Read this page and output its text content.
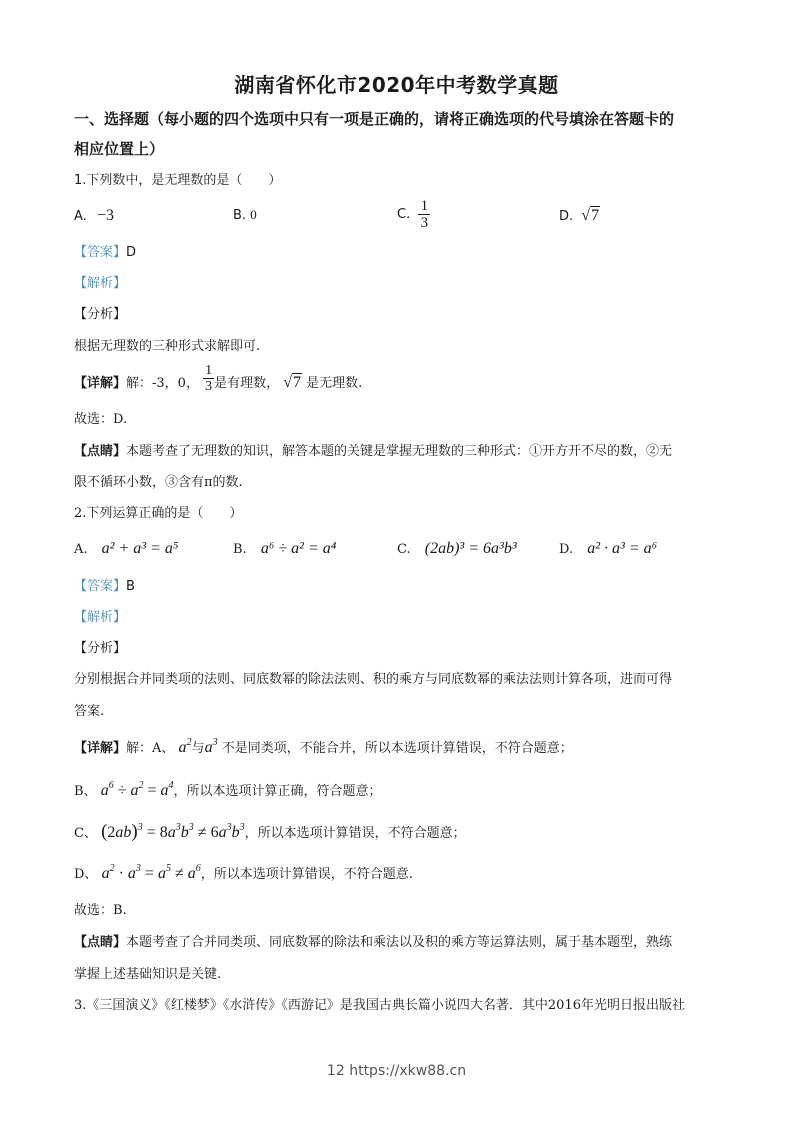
湖南省怀化市2020年中考数学真题
一、选择题（每小题的四个选项中只有一项是正确的，请将正确选项的代号填涂在答题卡的
相应位置上）
1.下列数中，是无理数的是（　　）
A. −3	B. 0	C. $\frac{1}{3}$	D. √7
【答案】D
【解析】
【分析】
根据无理数的三种形式求解即可.
【详解】解：-3，0， $\frac{1}{3}$ 是有理数， √7 是无理数.
故选：D.
【点睛】本题考查了无理数的知识，解答本题的关键是掌握无理数的三种形式：①开方开不尽的数，②无
限不循环小数，③含有π的数.
2.下列运算正确的是（　　）
A. a² + a³ = a⁵	B. a⁶ ÷ a² = a⁴	C. (2ab)³ = 6a³b³	D. a² · a³ = a⁶
【答案】B
【解析】
【分析】
分别根据合并同类项的法则、同底数幂的除法法则、积的乘方与同底数幂的乘法法则计算各项，进而可得
答案.
【详解】解：A、 $a^2$与$a^3$ 不是同类项，不能合并，所以本选项计算错误，不符合题意；
B、 $a^6 \div a^2 = a^4$，所以本选项计算正确，符合题意；
C、 $(2ab)^3 = 8a^3b^3 \ne 6a^3b^3$，所以本选项计算错误，不符合题意；
D、 $a^2 \cdot a^3 = a^5 \ne a^6$，所以本选项计算错误，不符合题意.
故选：B.
【点睛】本题考查了合并同类项、同底数幂的除法和乘法以及积的乘方等运算法则，属于基本题型，熟练
掌握上述基础知识是关键.
3.《三国演义》《红楼梦》《水浒传》《西游记》是我国古典长篇小说四大名著．其中2016年光明日报出版社
12 https://xkw88.cn
